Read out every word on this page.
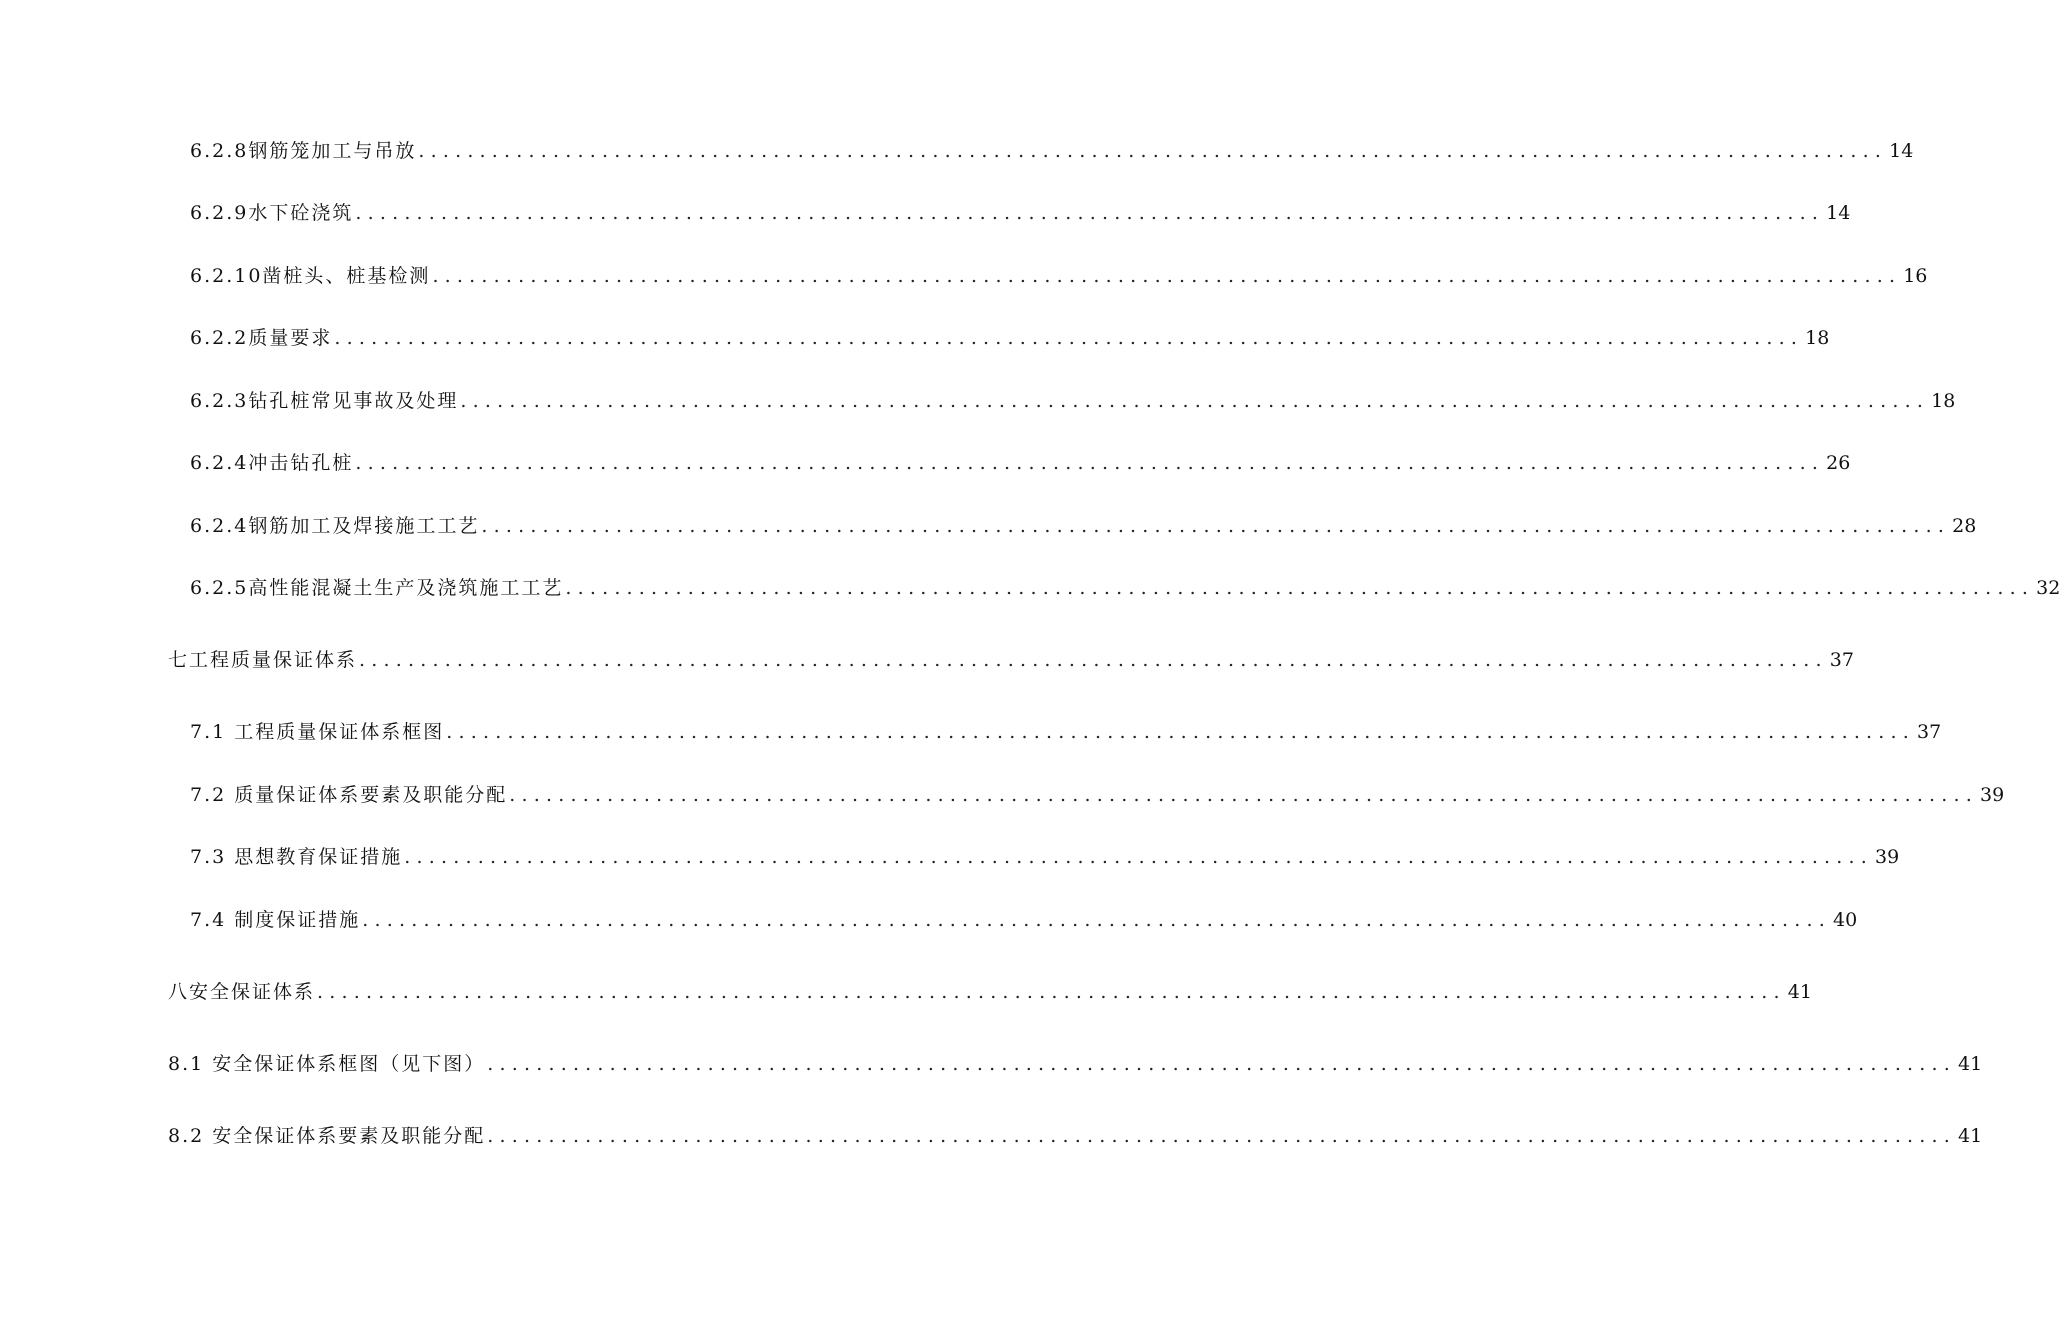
6.2.8钢筋笼加工与吊放 ........................................................................................................................ 14
6.2.9水下砼浇筑 ........................................................................................................................ 14
6.2.10凿桩头、桩基检测 ........................................................................................................................ 16
6.2.2质量要求 ........................................................................................................................ 18
6.2.3钻孔桩常见事故及处理 ........................................................................................................................ 18
6.2.4冲击钻孔桩 ........................................................................................................................ 26
6.2.4钢筋加工及焊接施工工艺 ........................................................................................................................ 28
6.2.5高性能混凝土生产及浇筑施工工艺 ........................................................................................................................ 32
七工程质量保证体系 ........................................................................................................................ 37
7.1 工程质量保证体系框图 ........................................................................................................................ 37
7.2 质量保证体系要素及职能分配 ........................................................................................................................ 39
7.3 思想教育保证措施 ........................................................................................................................ 39
7.4 制度保证措施 ........................................................................................................................ 40
八安全保证体系 ........................................................................................................................ 41
8.1 安全保证体系框图（见下图） ........................................................................................................................ 41
8.2 安全保证体系要素及职能分配 ........................................................................................................................ 41
